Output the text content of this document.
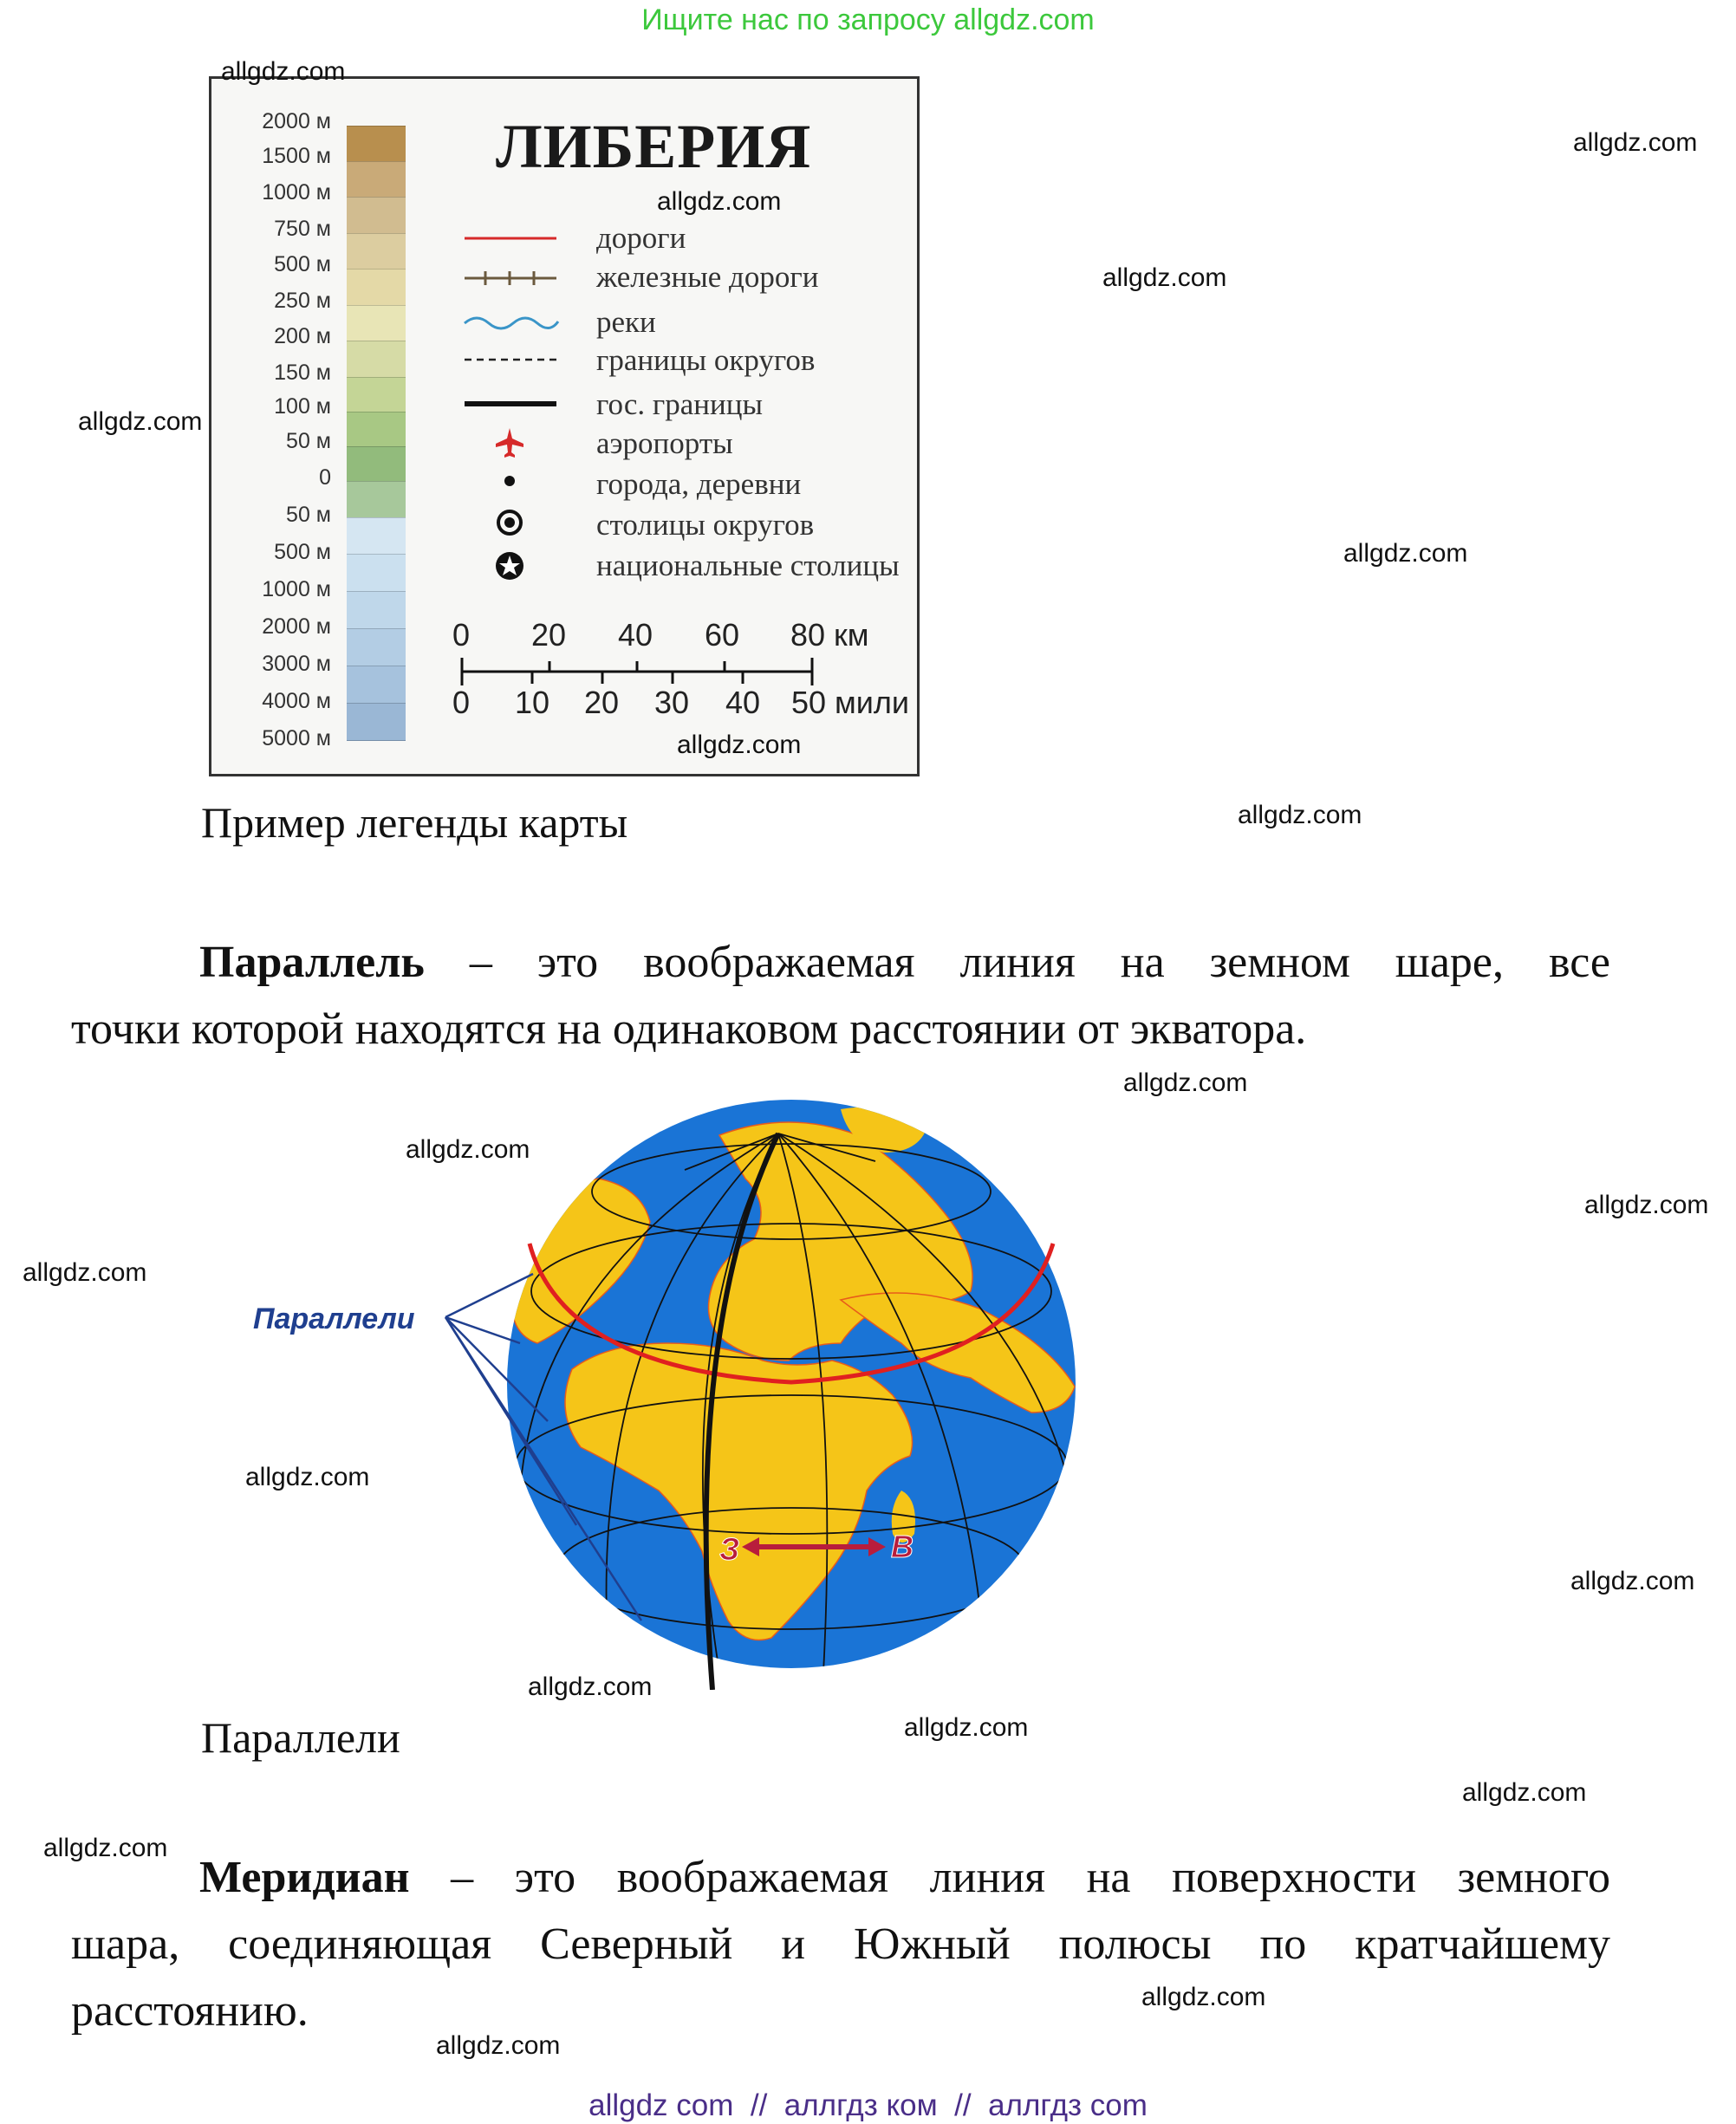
Ищите нас по запросу allgdz.com
2000 м
1500 м
1000 м
750 м
500 м
250 м
200 м
150 м
100 м
50 м
0
50 м
500 м
1000 м
2000 м
3000 м
4000 м
5000 м
ЛИБЕРИЯ
дороги
железные дороги
реки
границы округов
гос. границы
аэропорты
города, деревни
столицы округов
национальные столицы
0 20 40 60 80 км
0 10 20 30 40 50 мили
Пример легенды карты
Параллель – это воображаемая линия на земном шаре, все
точки которой находятся на одинаковом расстоянии от экватора.
З	В
Параллели
Параллели
Меридиан – это воображаемая линия на поверхности земного
шара, соединяющая Северный и Южный полюсы по кратчайшему
расстоянию.
allgdz.com
allgdz.com
allgdz.com
allgdz.com
allgdz.com
allgdz.com
allgdz.com
allgdz.com
allgdz.com
allgdz.com
allgdz.com
allgdz.com
allgdz.com
allgdz.com
allgdz.com
allgdz.com
allgdz.com
allgdz.com
allgdz.com
allgdz.com
allgdz com // аллгдз ком // аллгдз com
